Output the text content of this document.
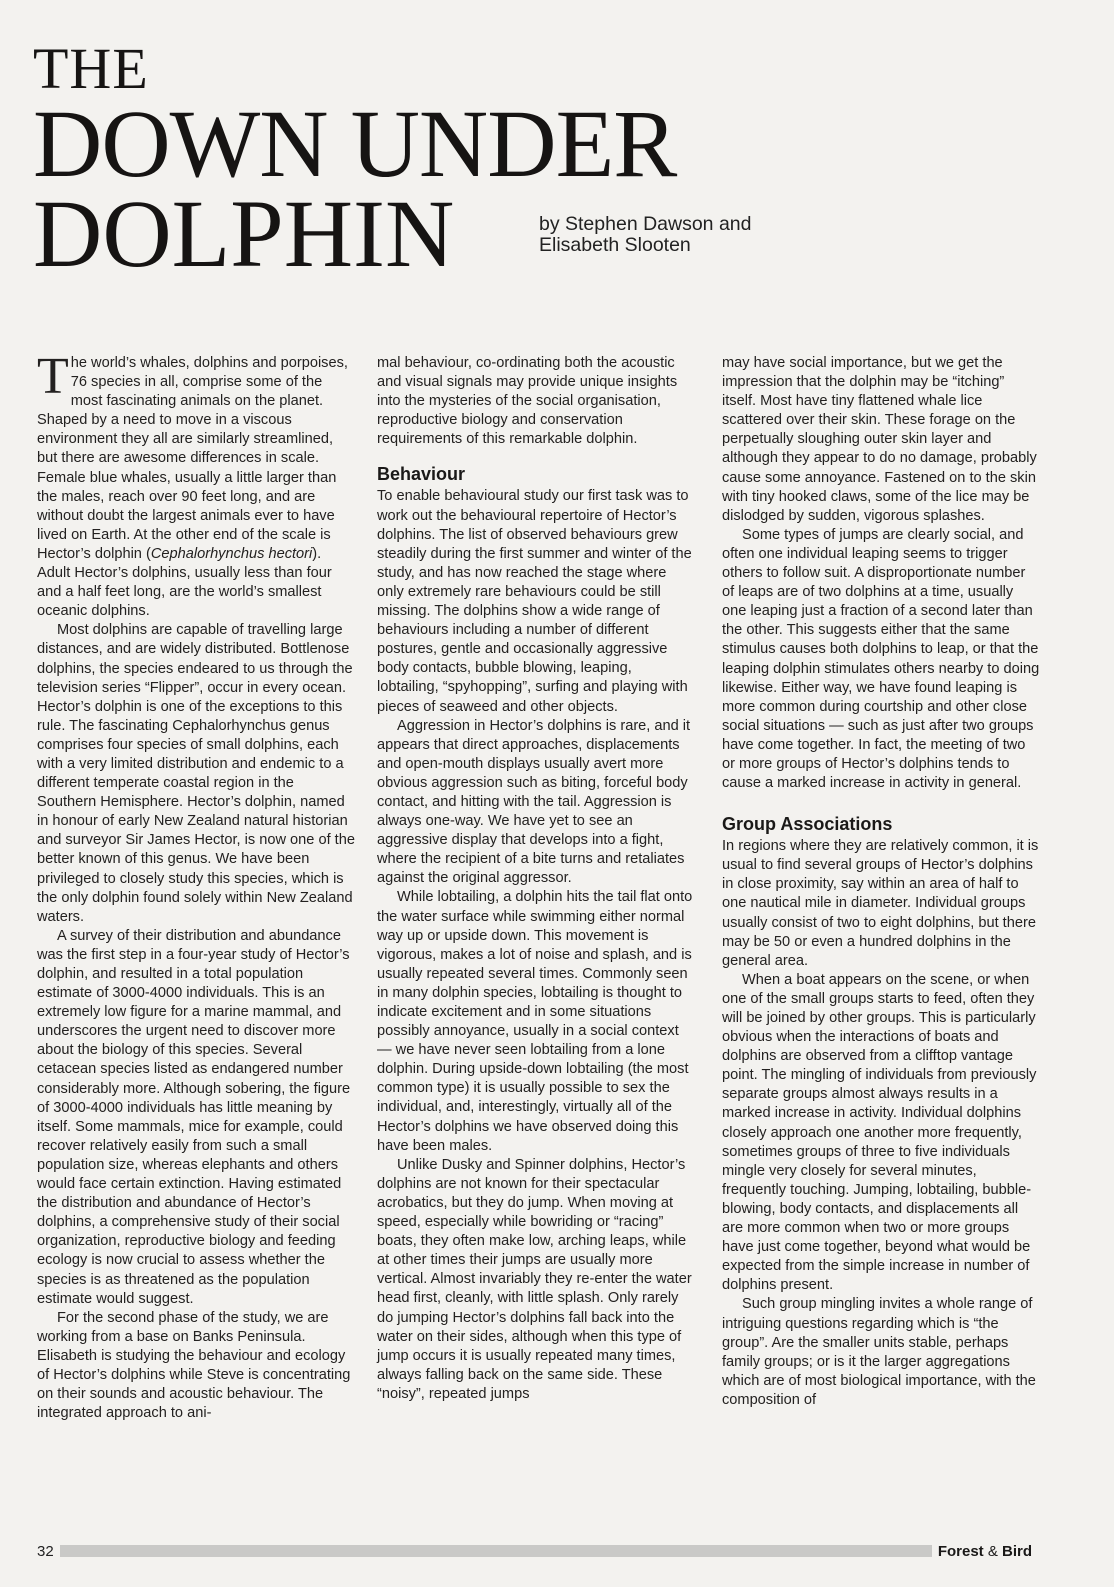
THE
DOWN UNDER
DOLPHIN	by Stephen Dawson and
Elisabeth Slooten

The world’s whales, dolphins and porpoises, 76 species in all, comprise some of the most fascinating animals on the planet. Shaped by a need to move in a viscous environment they all are similarly streamlined, but there are awesome differences in scale. Female blue whales, usually a little larger than the males, reach over 90 feet long, and are without doubt the largest animals ever to have lived on Earth. At the other end of the scale is Hector’s dolphin (Cephalorhynchus hectori). Adult Hector’s dolphins, usually less than four and a half feet long, are the world’s smallest oceanic dolphins.

Most dolphins are capable of travelling large distances, and are widely distributed. Bottlenose dolphins, the species endeared to us through the television series “Flipper”, occur in every ocean. Hector’s dolphin is one of the exceptions to this rule. The fascinating Cephalorhynchus genus comprises four species of small dolphins, each with a very limited distribution and endemic to a different temperate coastal region in the Southern Hemisphere. Hector’s dolphin, named in honour of early New Zealand natural historian and surveyor Sir James Hector, is now one of the better known of this genus. We have been privileged to closely study this species, which is the only dolphin found solely within New Zealand waters.

A survey of their distribution and abundance was the first step in a four-year study of Hector’s dolphin, and resulted in a total population estimate of 3000-4000 individuals. This is an extremely low figure for a marine mammal, and underscores the urgent need to discover more about the biology of this species. Several cetacean species listed as endangered number considerably more. Although sobering, the figure of 3000-4000 individuals has little meaning by itself. Some mammals, mice for example, could recover relatively easily from such a small population size, whereas elephants and others would face certain extinction. Having estimated the distribution and abundance of Hector’s dolphins, a comprehensive study of their social organization, reproductive biology and feeding ecology is now crucial to assess whether the species is as threatened as the population estimate would suggest.

For the second phase of the study, we are working from a base on Banks Peninsula. Elisabeth is studying the behaviour and ecology of Hector’s dolphins while Steve is concentrating on their sounds and acoustic behaviour. The integrated approach to ani-

mal behaviour, co-ordinating both the acoustic and visual signals may provide unique insights into the mysteries of the social organisation, reproductive biology and conservation requirements of this remarkable dolphin.

Behaviour

To enable behavioural study our first task was to work out the behavioural repertoire of Hector’s dolphins. The list of observed behaviours grew steadily during the first summer and winter of the study, and has now reached the stage where only extremely rare behaviours could be still missing. The dolphins show a wide range of behaviours including a number of different postures, gentle and occasionally aggressive body contacts, bubble blowing, leaping, lobtailing, “spyhopping”, surfing and playing with pieces of seaweed and other objects.

Aggression in Hector’s dolphins is rare, and it appears that direct approaches, displacements and open-mouth displays usually avert more obvious aggression such as biting, forceful body contact, and hitting with the tail. Aggression is always one-way. We have yet to see an aggressive display that develops into a fight, where the recipient of a bite turns and retaliates against the original aggressor.

While lobtailing, a dolphin hits the tail flat onto the water surface while swimming either normal way up or upside down. This movement is vigorous, makes a lot of noise and splash, and is usually repeated several times. Commonly seen in many dolphin species, lobtailing is thought to indicate excitement and in some situations possibly annoyance, usually in a social context — we have never seen lobtailing from a lone dolphin. During upside-down lobtailing (the most common type) it is usually possible to sex the individual, and, interestingly, virtually all of the Hector’s dolphins we have observed doing this have been males.

Unlike Dusky and Spinner dolphins, Hector’s dolphins are not known for their spectacular acrobatics, but they do jump. When moving at speed, especially while bowriding or “racing” boats, they often make low, arching leaps, while at other times their jumps are usually more vertical. Almost invariably they re-enter the water head first, cleanly, with little splash. Only rarely do jumping Hector’s dolphins fall back into the water on their sides, although when this type of jump occurs it is usually repeated many times, always falling back on the same side. These “noisy”, repeated jumps

may have social importance, but we get the impression that the dolphin may be “itching” itself. Most have tiny flattened whale lice scattered over their skin. These forage on the perpetually sloughing outer skin layer and although they appear to do no damage, probably cause some annoyance. Fastened on to the skin with tiny hooked claws, some of the lice may be dislodged by sudden, vigorous splashes.

Some types of jumps are clearly social, and often one individual leaping seems to trigger others to follow suit. A disproportionate number of leaps are of two dolphins at a time, usually one leaping just a fraction of a second later than the other. This suggests either that the same stimulus causes both dolphins to leap, or that the leaping dolphin stimulates others nearby to doing likewise. Either way, we have found leaping is more common during courtship and other close social situations — such as just after two groups have come together. In fact, the meeting of two or more groups of Hector’s dolphins tends to cause a marked increase in activity in general.

Group Associations

In regions where they are relatively common, it is usual to find several groups of Hector’s dolphins in close proximity, say within an area of half to one nautical mile in diameter. Individual groups usually consist of two to eight dolphins, but there may be 50 or even a hundred dolphins in the general area.

When a boat appears on the scene, or when one of the small groups starts to feed, often they will be joined by other groups. This is particularly obvious when the interactions of boats and dolphins are observed from a clifftop vantage point. The mingling of individuals from previously separate groups almost always results in a marked increase in activity. Individual dolphins closely approach one another more frequently, sometimes groups of three to five individuals mingle very closely for several minutes, frequently touching. Jumping, lobtailing, bubble-blowing, body contacts, and displacements all are more common when two or more groups have just come together, beyond what would be expected from the simple increase in number of dolphins present.

Such group mingling invites a whole range of intriguing questions regarding which is “the group”. Are the smaller units stable, perhaps family groups; or is it the larger aggregations which are of most biological importance, with the composition of

32	Forest & Bird
